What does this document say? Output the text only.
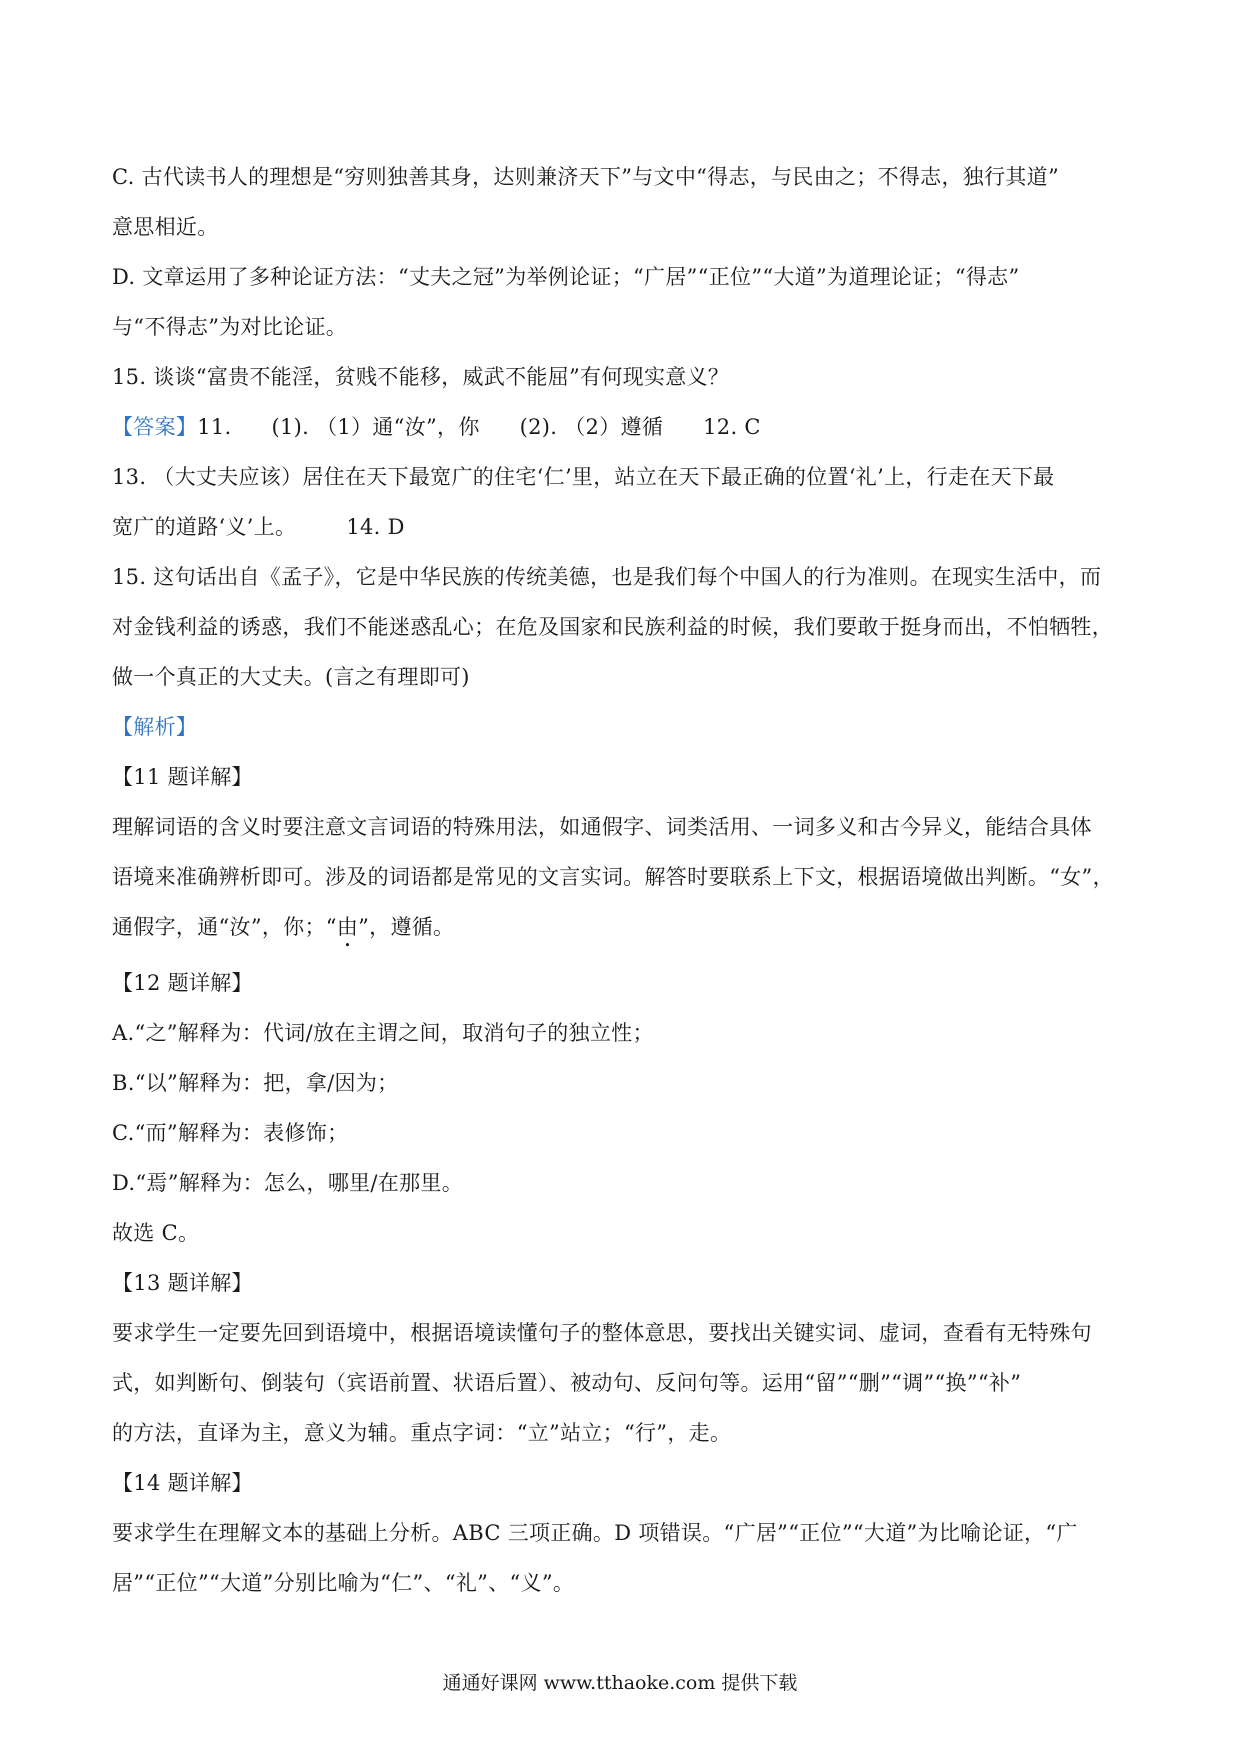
C. 古代读书人的理想是“穷则独善其身，达则兼济天下”与文中“得志，与民由之；不得志，独行其道”

意思相近。

D. 文章运用了多种论证方法：“丈夫之冠”为举例论证；“广居”“正位”“大道”为道理论证；“得志”

与“不得志”为对比论证。

15. 谈谈“富贵不能淫，贫贱不能移，威武不能屈”有何现实意义？

【答案】11. (1). （1）通“汝”，你 (2). （2）遵循 12. C

13. （大丈夫应该）居住在天下最宽广的住宅‘仁’里，站立在天下最正确的位置‘礼’上，行走在天下最

宽广的道路‘义’上。 14. D

15. 这句话出自《孟子》，它是中华民族的传统美德，也是我们每个中国人的行为准则。在现实生活中，而

对金钱利益的诱惑，我们不能迷惑乱心；在危及国家和民族利益的时候，我们要敢于挺身而出，不怕牺牲，

做一个真正的大丈夫。(言之有理即可)

【解析】

【11 题详解】

理解词语的含义时要注意文言词语的特殊用法，如通假字、词类活用、一词多义和古今异义，能结合具体

语境来准确辨析即可。涉及的词语都是常见的文言实词。解答时要联系上下文，根据语境做出判断。“女”，

通假字，通“汝”，你；“由”，遵循。

【12 题详解】

A.“之”解释为：代词/放在主谓之间，取消句子的独立性；

B.“以”解释为：把，拿/因为；

C.“而”解释为：表修饰；

D.“焉”解释为：怎么，哪里/在那里。

故选 C。

【13 题详解】

要求学生一定要先回到语境中，根据语境读懂句子的整体意思，要找出关键实词、虚词，查看有无特殊句

式，如判断句、倒装句（宾语前置、状语后置）、被动句、反问句等。运用“留”“删”“调”“换”“补”

的方法，直译为主，意义为辅。重点字词：“立”站立；“行”，走。

【14 题详解】

要求学生在理解文本的基础上分析。ABC 三项正确。D 项错误。“广居”“正位”“大道”为比喻论证，“广

居”“正位”“大道”分别比喻为“仁”、“礼”、“义”。

通通好课网 www.tthaoke.com 提供下载
